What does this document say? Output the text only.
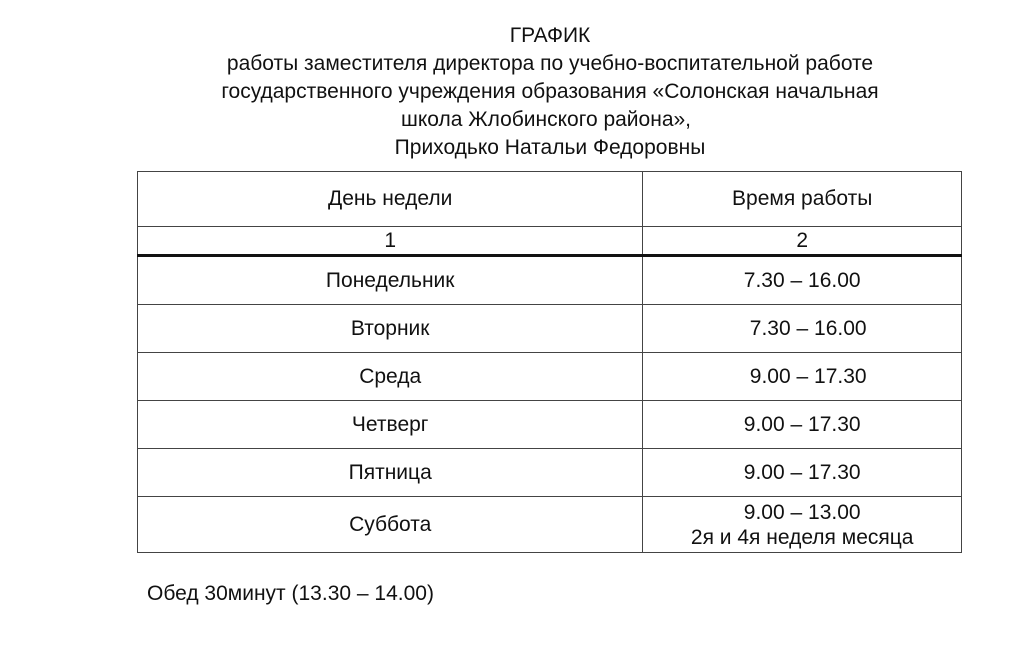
ГРАФИК
работы заместителя директора по учебно-воспитательной работе
государственного учреждения образования «Солонская начальная
школа Жлобинского района»,
Приходько Натальи Федоровны
День недели	Время работы
1	2
Понедельник	7.30 – 16.00
Вторник	7.30 – 16.00
Среда	9.00 – 17.30
Четверг	9.00 – 17.30
Пятница	9.00 – 17.30
Суббота	9.00 – 13.00
2я и 4я неделя месяца
Обед 30минут (13.30 – 14.00)
